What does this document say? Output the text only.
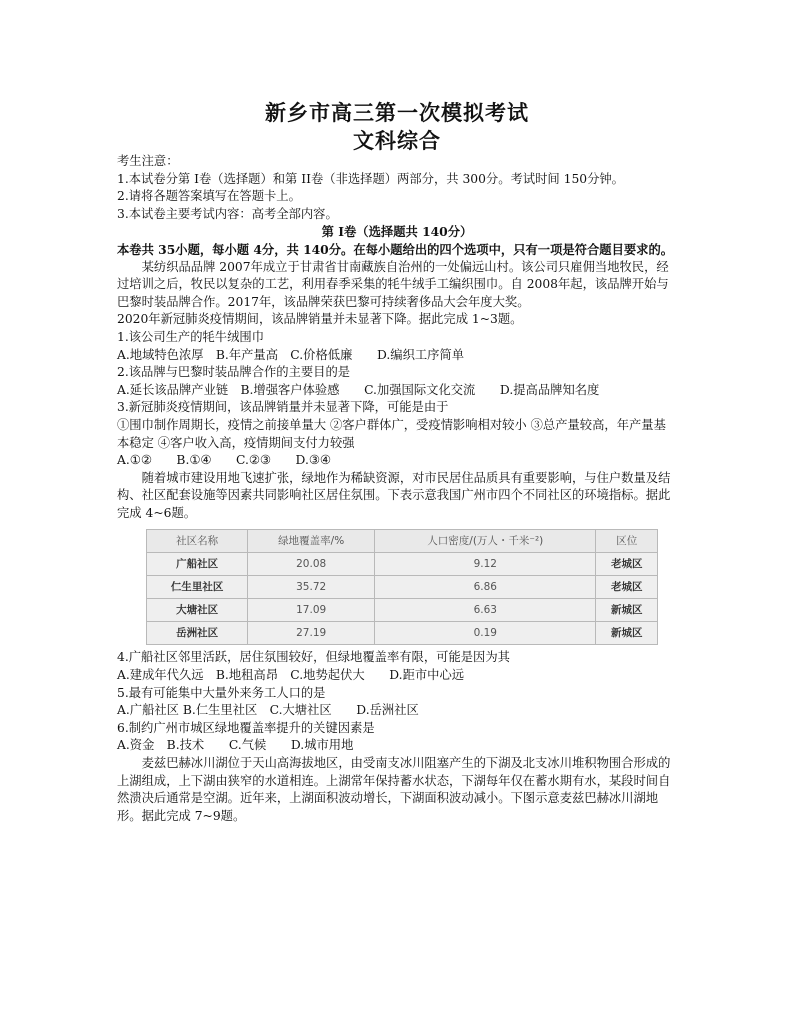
新乡市高三第一次模拟考试
文科综合
考生注意：
1.本试卷分第 I卷（选择题）和第 II卷（非选择题）两部分，共 300分。考试时间 150分钟。
2.请将各题答案填写在答题卡上。
3.本试卷主要考试内容：高考全部内容。
第 I卷（选择题共 140分）
本卷共 35小题，每小题 4分，共 140分。在每小题给出的四个选项中，只有一项是符合题目要求的。
某纺织品品牌 2007年成立于甘肃省甘南藏族自治州的一处偏远山村。该公司只雇佣当地牧民，经过培训之后，牧民以复杂的工艺，利用春季采集的牦牛绒手工编织围巾。自 2008年起，该品牌开始与巴黎时装品牌合作。2017年，该品牌荣获巴黎可持续奢侈品大会年度大奖。
2020年新冠肺炎疫情期间，该品牌销量并未显著下降。据此完成 1~3题。
1.该公司生产的牦牛绒围巾
A.地域特色浓厚　B.年产量高　C.价格低廉　　D.编织工序简单
2.该品牌与巴黎时装品牌合作的主要目的是
A.延长该品牌产业链　B.增强客户体验感　　C.加强国际文化交流　　D.提高品牌知名度
3.新冠肺炎疫情期间，该品牌销量并未显著下降，可能是由于
①围巾制作周期长，疫情之前接单量大 ②客户群体广，受疫情影响相对较小 ③总产量较高，年产量基本稳定 ④客户收入高，疫情期间支付力较强
A.①②　　B.①④　　C.②③　　D.③④
随着城市建设用地飞速扩张，绿地作为稀缺资源，对市民居住品质具有重要影响，与住户数量及结构、社区配套设施等因素共同影响社区居住氛围。下表示意我国广州市四个不同社区的环境指标。据此完成 4~6题。
社区名称	绿地覆盖率/%	人口密度/(万人・千米⁻²)	区位
广船社区	20.08	9.12	老城区
仁生里社区	35.72	6.86	老城区
大塘社区	17.09	6.63	新城区
岳洲社区	27.19	0.19	新城区
4.广船社区邻里活跃，居住氛围较好，但绿地覆盖率有限，可能是因为其
A.建成年代久远　B.地租高昂　C.地势起伏大　　D.距市中心远
5.最有可能集中大量外来务工人口的是
A.广船社区 B.仁生里社区　C.大塘社区　　D.岳洲社区
6.制约广州市城区绿地覆盖率提升的关键因素是
A.资金　B.技术　　C.气候　　D.城市用地
麦兹巴赫冰川湖位于天山高海拔地区，由受南支冰川阻塞产生的下湖及北支冰川堆积物围合形成的上湖组成，上下湖由狭窄的水道相连。上湖常年保持蓄水状态，下湖每年仅在蓄水期有水，某段时间自然溃决后通常是空湖。近年来，上湖面积波动增长，下湖面积波动减小。下图示意麦兹巴赫冰川湖地形。据此完成 7~9题。
